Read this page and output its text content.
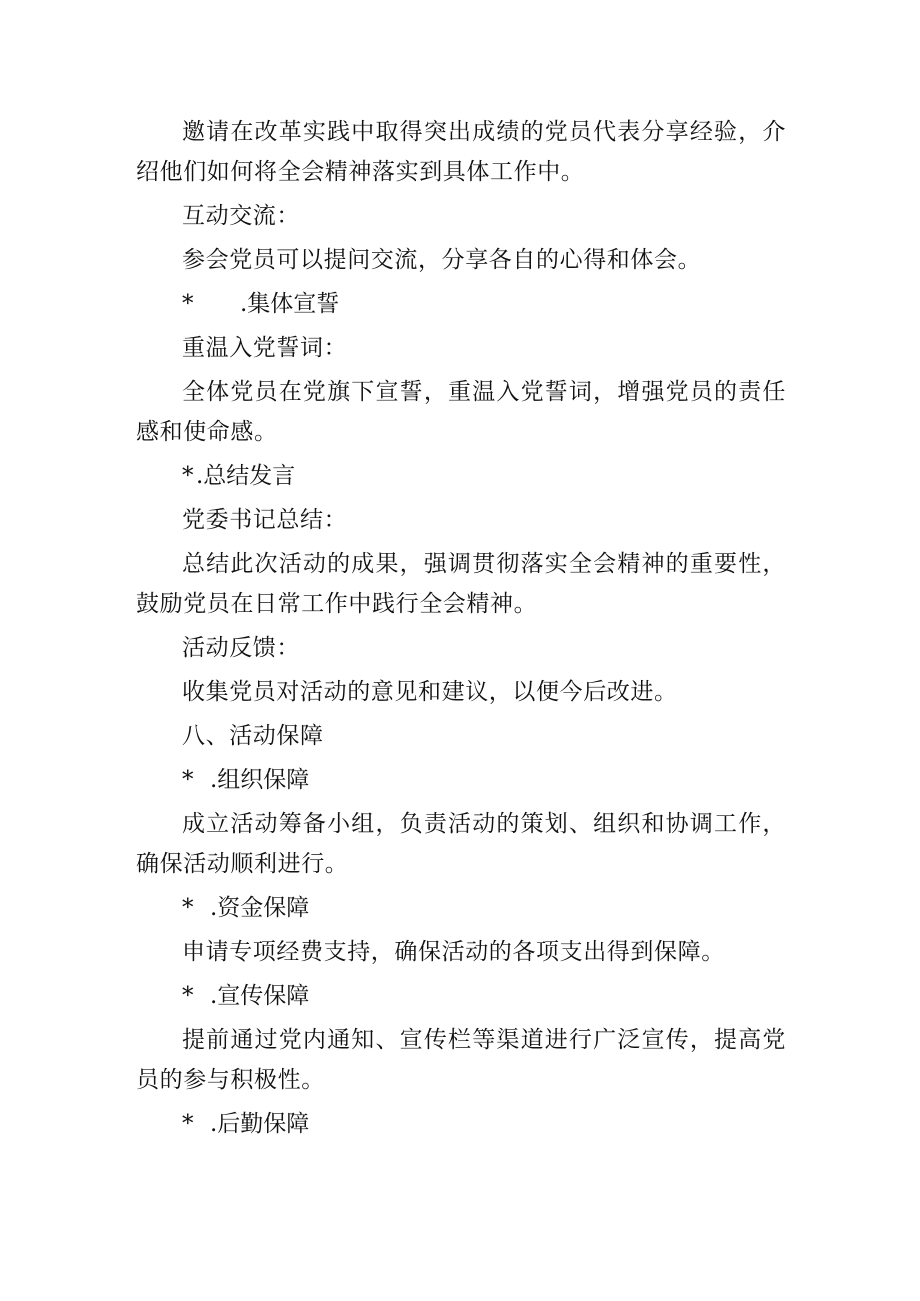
邀请在改革实践中取得突出成绩的党员代表分享经验，介绍他们如何将全会精神落实到具体工作中。

互动交流：

参会党员可以提问交流，分享各自的心得和体会。

* .集体宣誓

重温入党誓词：

全体党员在党旗下宣誓，重温入党誓词，增强党员的责任感和使命感。

* .总结发言

党委书记总结：

总结此次活动的成果，强调贯彻落实全会精神的重要性，鼓励党员在日常工作中践行全会精神。

活动反馈：

收集党员对活动的意见和建议，以便今后改进。

八、活动保障

* .组织保障

成立活动筹备小组，负责活动的策划、组织和协调工作，确保活动顺利进行。

* .资金保障

申请专项经费支持，确保活动的各项支出得到保障。

* .宣传保障

提前通过党内通知、宣传栏等渠道进行广泛宣传，提高党员的参与积极性。

* .后勤保障
